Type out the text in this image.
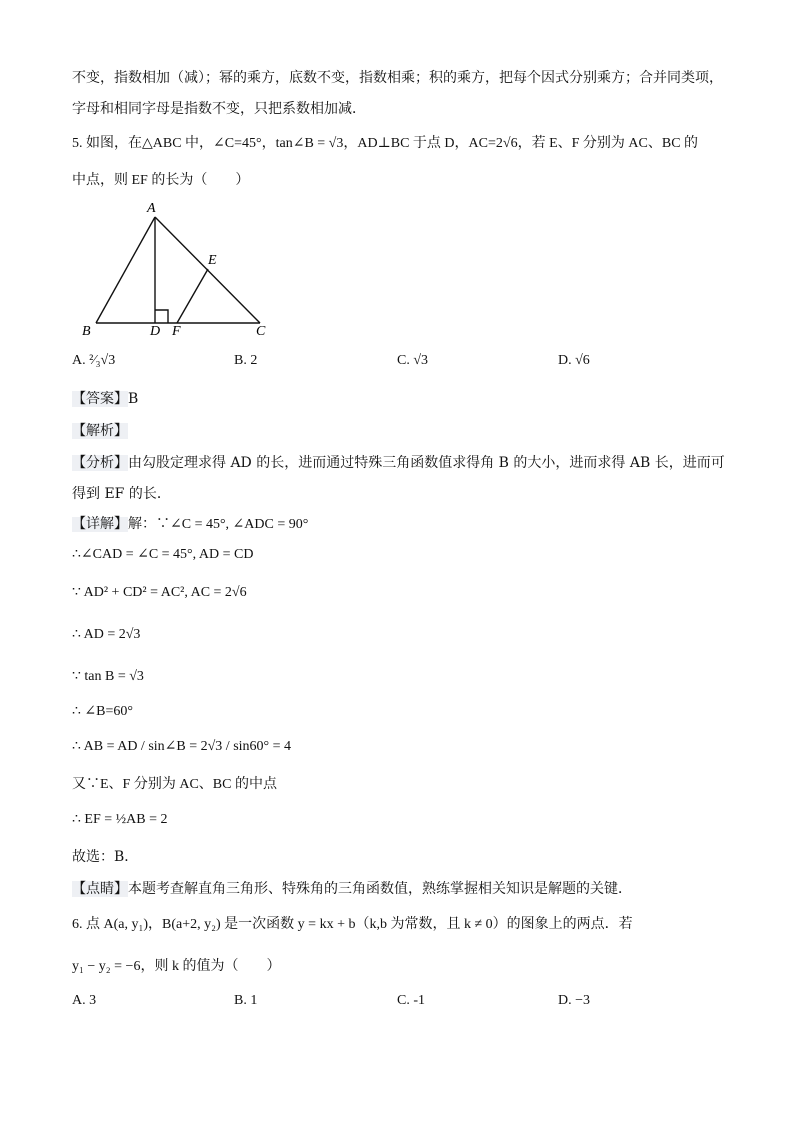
不变，指数相加（减）；幂的乘方，底数不变，指数相乘；积的乘方，把每个因式分别乘方；合并同类项，
字母和相同字母是指数不变，只把系数相加减．
5. 如图，在△ABC 中，∠C=45°，tan∠B = √3，AD⊥BC 于点 D，AC=2√6，若 E、F 分别为 AC、BC 的
中点，则 EF 的长为（　　）
A
E
B	D F	C
A. ²⁄₃√3	B. 2	C. √3	D. √6
【答案】B
【解析】
【分析】由勾股定理求得 AD 的长，进而通过特殊三角函数值求得角 B 的大小，进而求得 AB 长，进而可
得到 EF 的长．
【详解】解：∵∠C = 45°, ∠ADC = 90°
∴∠CAD = ∠C = 45°, AD = CD
∵ AD² + CD² = AC², AC = 2√6
∴ AD = 2√3
∵ tan B = √3
∴ ∠B=60°
∴ AB = AD / sin∠B = 2√3 / sin60° = 4
又∵E、F 分别为 AC、BC 的中点
∴ EF = ½AB = 2
故选：B．
【点睛】本题考查解直角三角形、特殊角的三角函数值，熟练掌握相关知识是解题的关键．
6. 点 A(a, y₁)，B(a+2, y₂) 是一次函数 y = kx + b（k,b 为常数，且 k ≠ 0）的图象上的两点．若
y₁ − y₂ = −6，则 k 的值为（　　）
A. 3	B. 1	C. -1	D. −3
